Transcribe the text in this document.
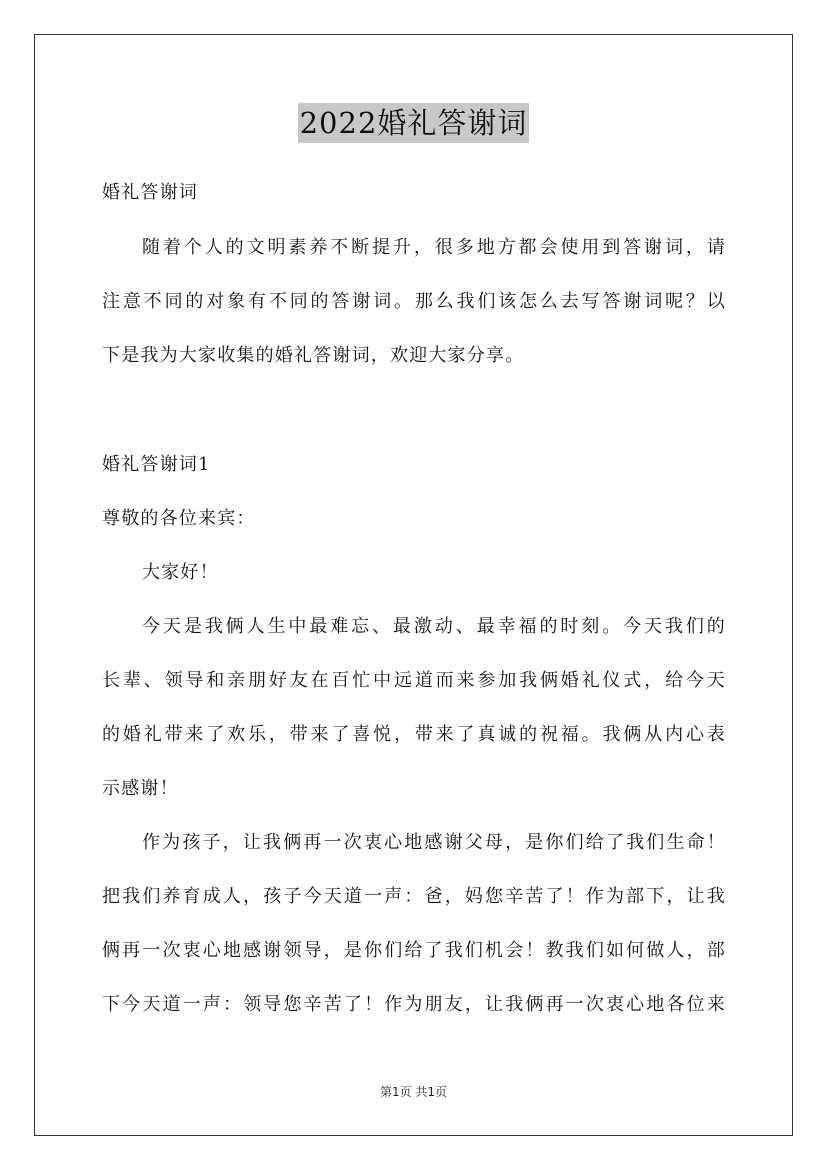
2022婚礼答谢词
婚礼答谢词
随着个人的文明素养不断提升，很多地方都会使用到答谢词，请
注意不同的对象有不同的答谢词。那么我们该怎么去写答谢词呢？以
下是我为大家收集的婚礼答谢词，欢迎大家分享。
婚礼答谢词1
尊敬的各位来宾：
大家好！
今天是我俩人生中最难忘、最激动、最幸福的时刻。今天我们的
长辈、领导和亲朋好友在百忙中远道而来参加我俩婚礼仪式，给今天
的婚礼带来了欢乐，带来了喜悦，带来了真诚的祝福。我俩从内心表
示感谢！
作为孩子，让我俩再一次衷心地感谢父母，是你们给了我们生命！
把我们养育成人，孩子今天道一声：爸，妈您辛苦了！作为部下，让我
俩再一次衷心地感谢领导，是你们给了我们机会！教我们如何做人，部
下今天道一声：领导您辛苦了！作为朋友，让我俩再一次衷心地各位来
第1页 共1页
